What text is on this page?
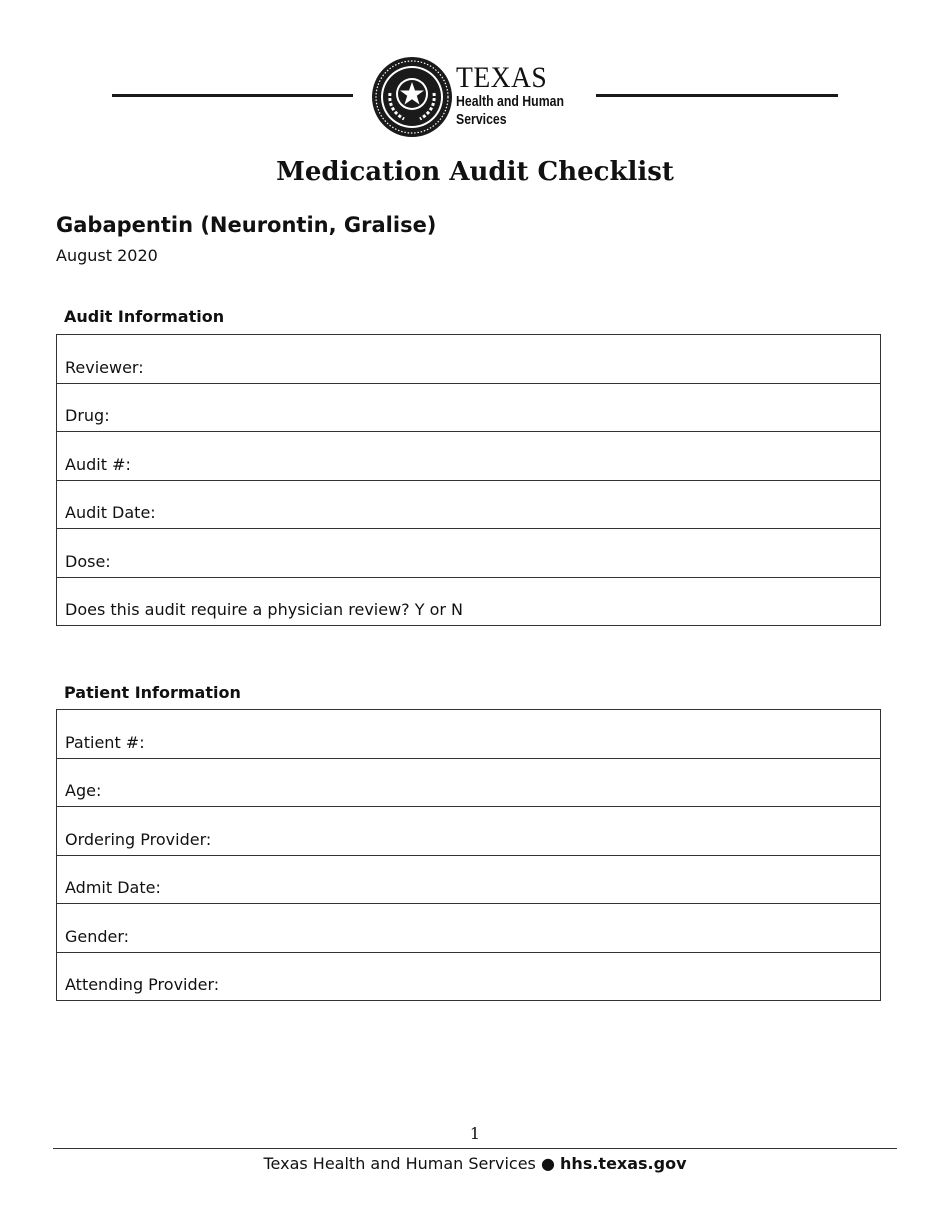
TEXAS
Health and Human
Services
Medication Audit Checklist
Gabapentin (Neurontin, Gralise)
August 2020
Audit Information
Reviewer:
Drug:
Audit #:
Audit Date:
Dose:
Does this audit require a physician review? Y or N
Patient Information
Patient #:
Age:
Ordering Provider:
Admit Date:
Gender:
Attending Provider:
1
Texas Health and Human Services ● hhs.texas.gov
